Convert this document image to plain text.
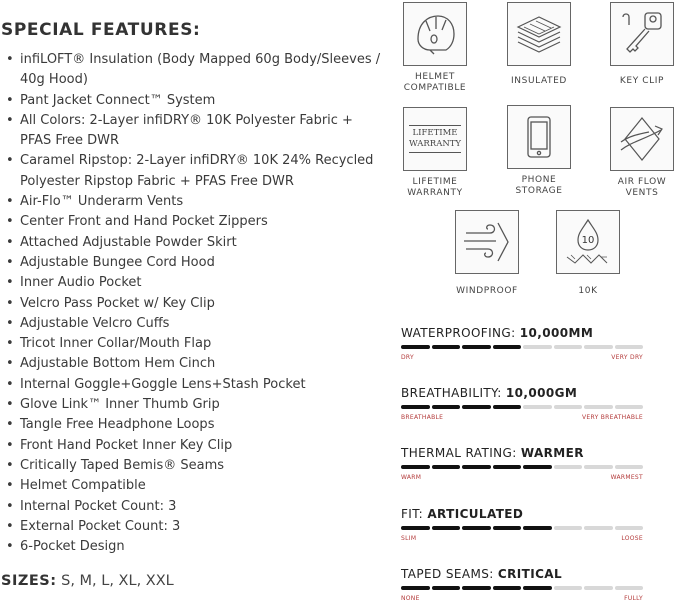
SPECIAL FEATURES:
• infiLOFT® Insulation (Body Mapped 60g Body/Sleeves /
40g Hood)
• Pant Jacket Connect™ System
• All Colors: 2-Layer infiDRY® 10K Polyester Fabric +
PFAS Free DWR
• Caramel Ripstop: 2-Layer infiDRY® 10K 24% Recycled
Polyester Ripstop Fabric + PFAS Free DWR
• Air-Flo™ Underarm Vents
• Center Front and Hand Pocket Zippers
• Attached Adjustable Powder Skirt
• Adjustable Bungee Cord Hood
• Inner Audio Pocket
• Velcro Pass Pocket w/ Key Clip
• Adjustable Velcro Cuffs
• Tricot Inner Collar/Mouth Flap
• Adjustable Bottom Hem Cinch
• Internal Goggle+Goggle Lens+Stash Pocket
• Glove Link™ Inner Thumb Grip
• Tangle Free Headphone Loops
• Front Hand Pocket Inner Key Clip
• Critically Taped Bemis® Seams
• Helmet Compatible
• Internal Pocket Count: 3
• External Pocket Count: 3
• 6-Pocket Design
SIZES: S, M, L, XL, XXL
HELMET
COMPATIBLE
INSULATED	KEY CLIP
LIFETIME
WARRANTY
LIFETIME
WARRANTY
PHONE
STORAGE
AIR FLOW
VENTS
WINDPROOF
10
10K
WATERPROOFING: 10,000MM
DRY	VERY DRY
BREATHABILITY: 10,000GM
BREATHABLE	VERY BREATHABLE
THERMAL RATING: WARMER
WARM	WARMEST
FIT: ARTICULATED
SLIM	LOOSE
TAPED SEAMS: CRITICAL
NONE	FULLY
